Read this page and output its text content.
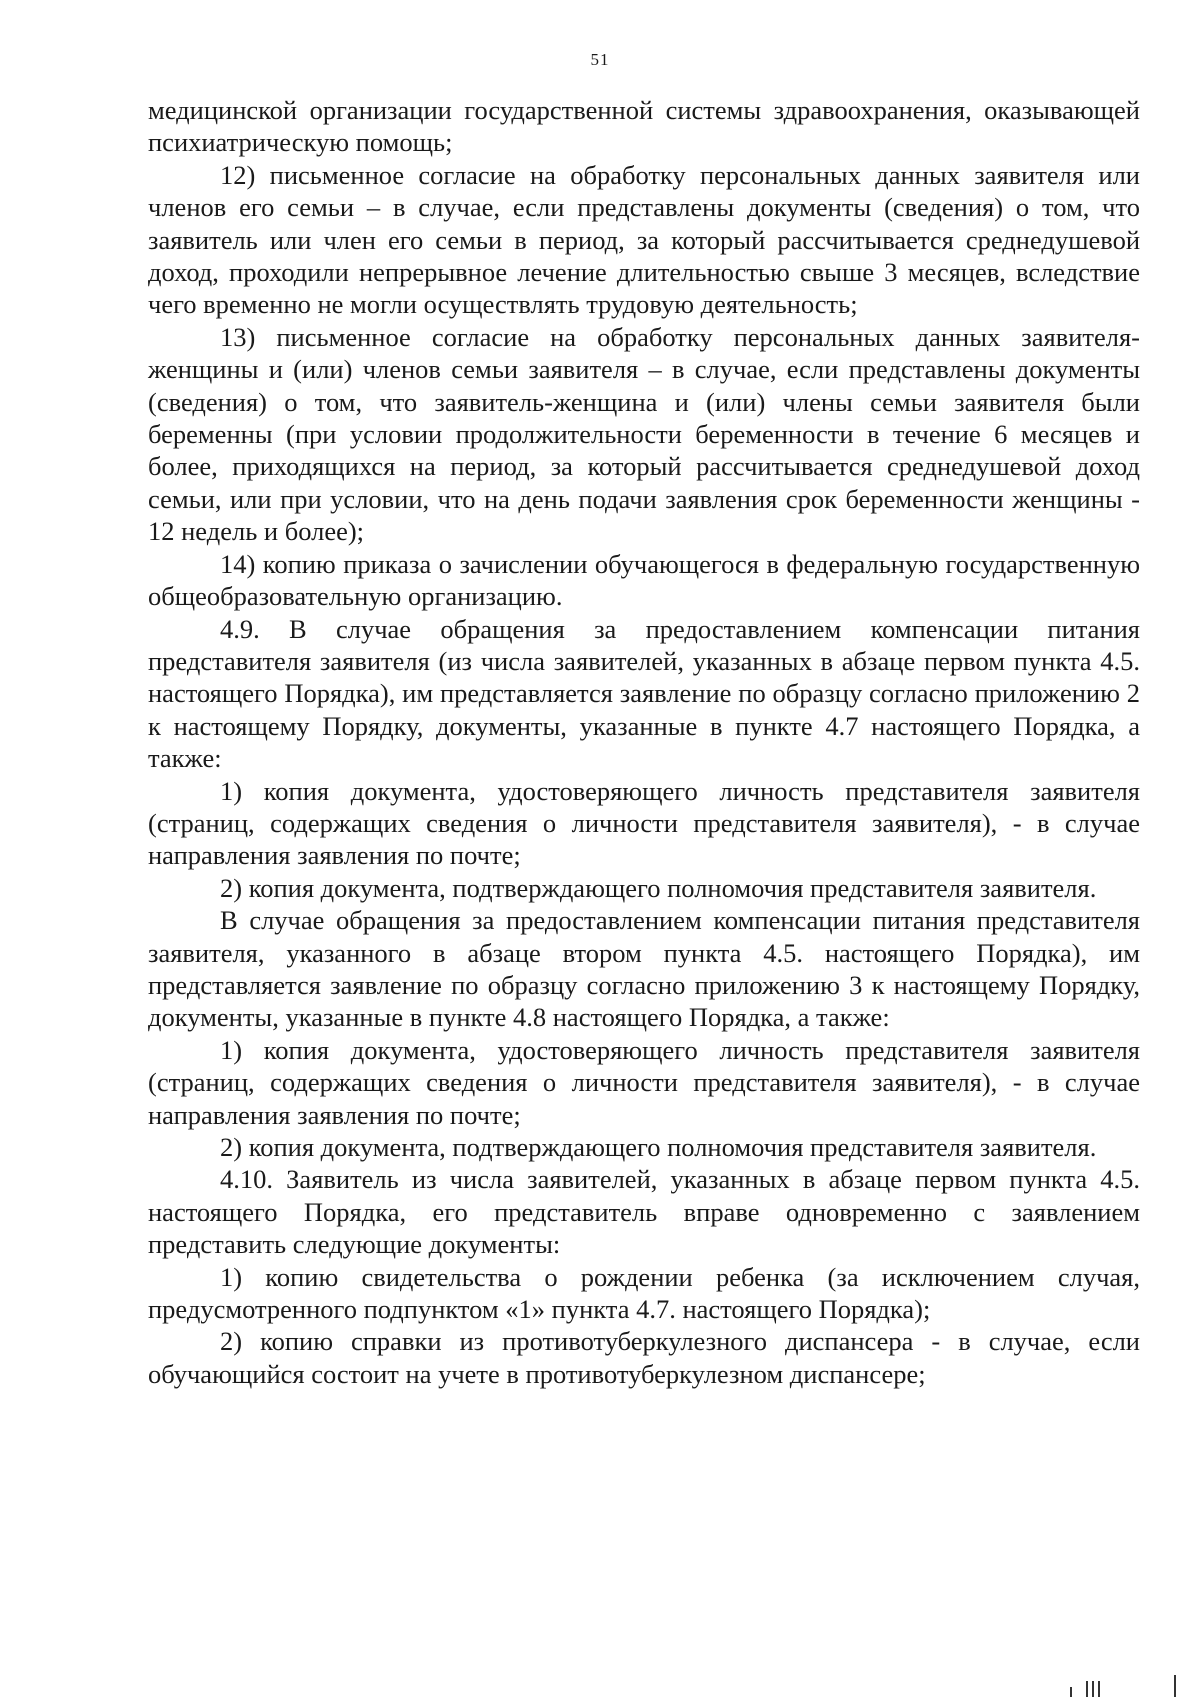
51

медицинской организации государственной системы здравоохранения, оказывающей психиатрическую помощь;

12) письменное согласие на обработку персональных данных заявителя или членов его семьи – в случае, если представлены документы (сведения) о том, что заявитель или член его семьи в период, за который рассчитывается среднедушевой доход, проходили непрерывное лечение длительностью свыше 3 месяцев, вследствие чего временно не могли осуществлять трудовую деятельность;

13) письменное согласие на обработку персональных данных заявителя-женщины и (или) членов семьи заявителя – в случае, если представлены документы (сведения) о том, что заявитель-женщина и (или) члены семьи заявителя были беременны (при условии продолжительности беременности в течение 6 месяцев и более, приходящихся на период, за который рассчитывается среднедушевой доход семьи, или при условии, что на день подачи заявления срок беременности женщины - 12 недель и более);

14) копию приказа о зачислении обучающегося в федеральную государственную общеобразовательную организацию.

4.9. В случае обращения за предоставлением компенсации питания представителя заявителя (из числа заявителей, указанных в абзаце первом пункта 4.5. настоящего Порядка), им представляется заявление по образцу согласно приложению 2 к настоящему Порядку, документы, указанные в пункте 4.7 настоящего Порядка, а также:

1) копия документа, удостоверяющего личность представителя заявителя (страниц, содержащих сведения о личности представителя заявителя), - в случае направления заявления по почте;

2) копия документа, подтверждающего полномочия представителя заявителя.

В случае обращения за предоставлением компенсации питания представителя заявителя, указанного в абзаце втором пункта 4.5. настоящего Порядка), им представляется заявление по образцу согласно приложению 3 к настоящему Порядку, документы, указанные в пункте 4.8 настоящего Порядка, а также:

1) копия документа, удостоверяющего личность представителя заявителя (страниц, содержащих сведения о личности представителя заявителя), - в случае направления заявления по почте;

2) копия документа, подтверждающего полномочия представителя заявителя.

4.10. Заявитель из числа заявителей, указанных в абзаце первом пункта 4.5. настоящего Порядка, его представитель вправе одновременно с заявлением представить следующие документы:

1) копию свидетельства о рождении ребенка (за исключением случая, предусмотренного подпунктом «1» пункта 4.7. настоящего Порядка);

2) копию справки из противотуберкулезного диспансера - в случае, если обучающийся состоит на учете в противотуберкулезном диспансере;
